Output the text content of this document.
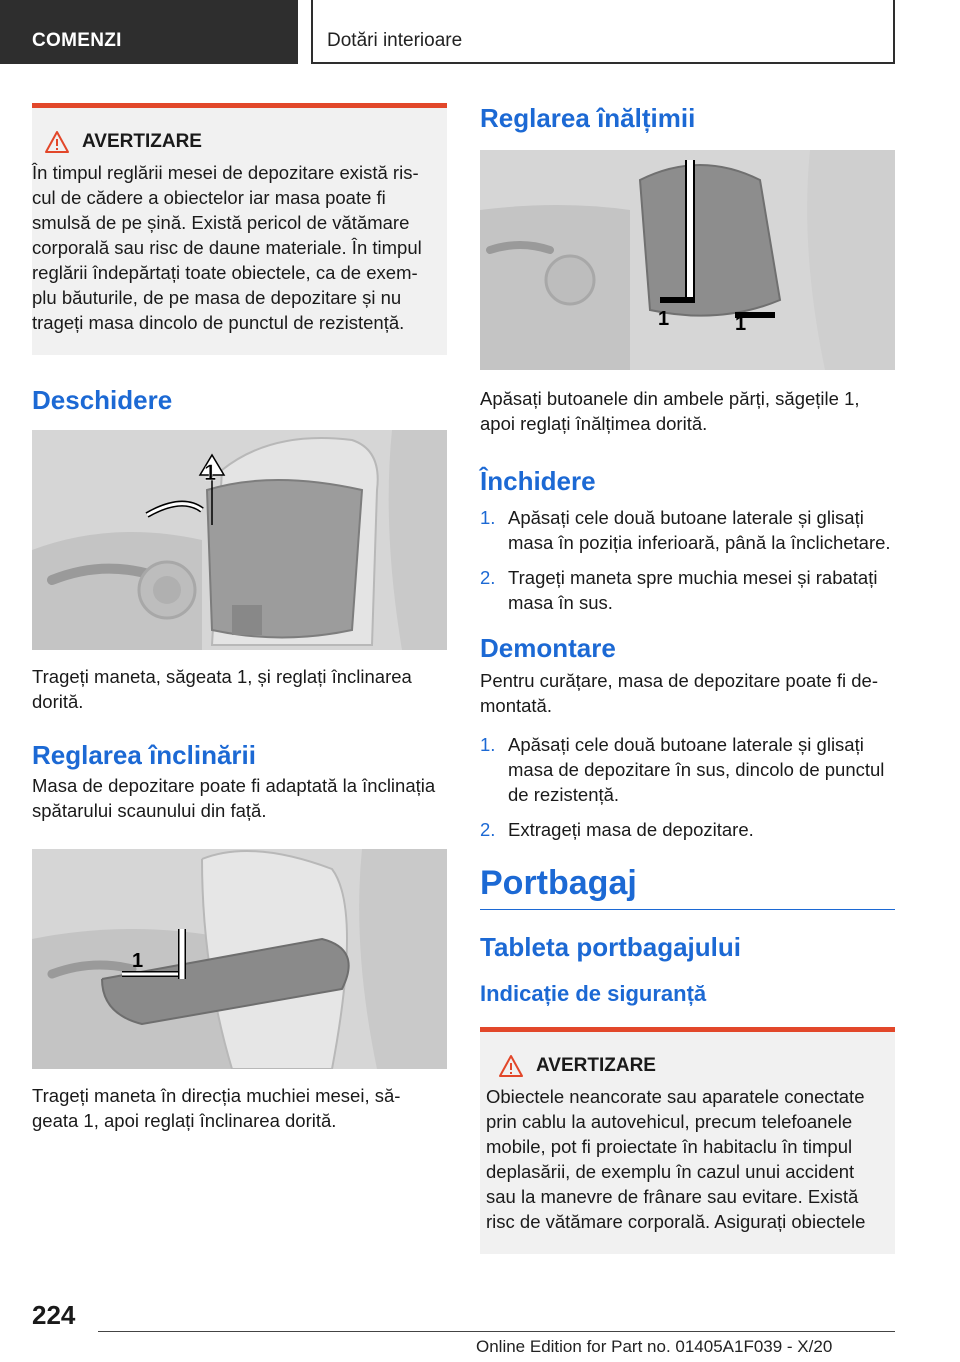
COMENZI	Dotări interioare
AVERTIZARE
În timpul reglării mesei de depozitare există ris-
cul de cădere a obiectelor iar masa poate fi
smulsă de pe șină. Există pericol de vătămare
corporală sau risc de daune materiale. În timpul
reglării îndepărtați toate obiectele, ca de exem-
plu băuturile, de pe masa de depozitare și nu
trageți masa dincolo de punctul de rezistență.
Deschidere
1

Trageți maneta, săgeata 1, și reglați înclinarea
dorită.

Reglarea înclinării

Masa de depozitare poate fi adaptată la înclinația
spătarului scaunului din față.

1

Trageți maneta în direcția muchiei mesei, să-
geata 1, apoi reglați înclinarea dorită.

Reglarea înălțimii
1	1

Apăsați butoanele din ambele părți, săgețile 1,
apoi reglați înălțimea dorită.

Închidere
1. Apăsați cele două butoane laterale și glisați
masa în poziția inferioară, până la înclichetare.
2. Trageți maneta spre muchia mesei și rabatați
masa în sus.
Demontare

Pentru curățare, masa de depozitare poate fi de-
montată.

1. Apăsați cele două butoane laterale și glisați
masa de depozitare în sus, dincolo de punctul
de rezistență.
2. Extrageți masa de depozitare.
Portbagaj
Tableta portbagajului
Indicație de siguranță
AVERTIZARE
Obiectele neancorate sau aparatele conectate
prin cablu la autovehicul, precum telefoanele
mobile, pot fi proiectate în habitaclu în timpul
deplasării, de exemplu în cazul unui accident
sau la manevre de frânare sau evitare. Există
risc de vătămare corporală. Asigurați obiectele
224
Online Edition for Part no. 01405A1F039 - X/20
